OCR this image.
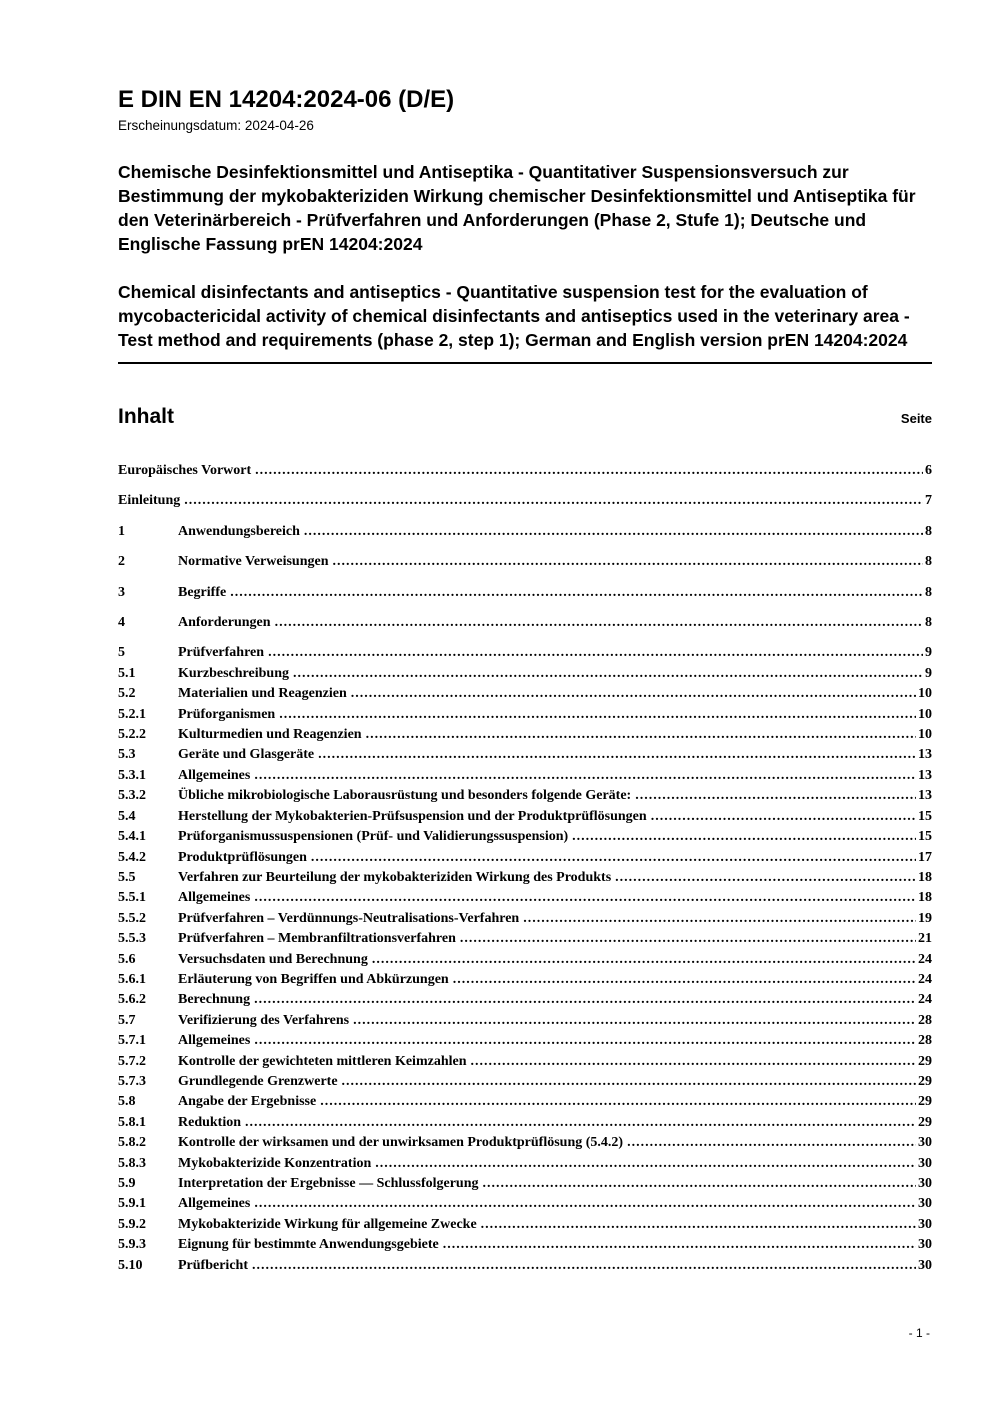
E DIN EN 14204:2024-06 (D/E)

Erscheinungsdatum: 2024-04-26

Chemische Desinfektionsmittel und Antiseptika - Quantitativer Suspensionsversuch zur Bestimmung der mykobakteriziden Wirkung chemischer Desinfektionsmittel und Antiseptika für den Veterinärbereich - Prüfverfahren und Anforderungen (Phase 2, Stufe 1); Deutsche und Englische Fassung prEN 14204:2024

Chemical disinfectants and antiseptics - Quantitative suspension test for the evaluation of mycobactericidal activity of chemical disinfectants and antiseptics used in the veterinary area - Test method and requirements (phase 2, step 1); German and English version prEN 14204:2024

Inhalt	Seite
Europäisches Vorwort .....	6
Einleitung .....	7
1	Anwendungsbereich .....	8
2	Normative Verweisungen .....	8
3	Begriffe .....	8
4	Anforderungen .....	8
5	Prüfverfahren .....	9
5.1	Kurzbeschreibung .....	9
5.2	Materialien und Reagenzien .....	10
5.2.1	Prüforganismen .....	10
5.2.2	Kulturmedien und Reagenzien .....	10
5.3	Geräte und Glasgeräte .....	13
5.3.1	Allgemeines .....	13
5.3.2	Übliche mikrobiologische Laborausrüstung und besonders folgende Geräte: .....	13
5.4	Herstellung der Mykobakterien-Prüfsuspension und der Produktprüflösungen .....	15
5.4.1	Prüforganismussuspensionen (Prüf- und Validierungssuspension) .....	15
5.4.2	Produktprüflösungen .....	17
5.5	Verfahren zur Beurteilung der mykobakteriziden Wirkung des Produkts .....	18
5.5.1	Allgemeines .....	18
5.5.2	Prüfverfahren – Verdünnungs-Neutralisations-Verfahren .....	19
5.5.3	Prüfverfahren – Membranfiltrationsverfahren .....	21
5.6	Versuchsdaten und Berechnung .....	24
5.6.1	Erläuterung von Begriffen und Abkürzungen .....	24
5.6.2	Berechnung .....	24
5.7	Verifizierung des Verfahrens .....	28
5.7.1	Allgemeines .....	28
5.7.2	Kontrolle der gewichteten mittleren Keimzahlen .....	29
5.7.3	Grundlegende Grenzwerte .....	29
5.8	Angabe der Ergebnisse .....	29
5.8.1	Reduktion .....	29
5.8.2	Kontrolle der wirksamen und der unwirksamen Produktprüflösung (5.4.2) .....	30
5.8.3	Mykobakterizide Konzentration .....	30
5.9	Interpretation der Ergebnisse — Schlussfolgerung .....	30
5.9.1	Allgemeines .....	30
5.9.2	Mykobakterizide Wirkung für allgemeine Zwecke .....	30
5.9.3	Eignung für bestimmte Anwendungsgebiete .....	30
5.10	Prüfbericht .....	30
- 1 -
